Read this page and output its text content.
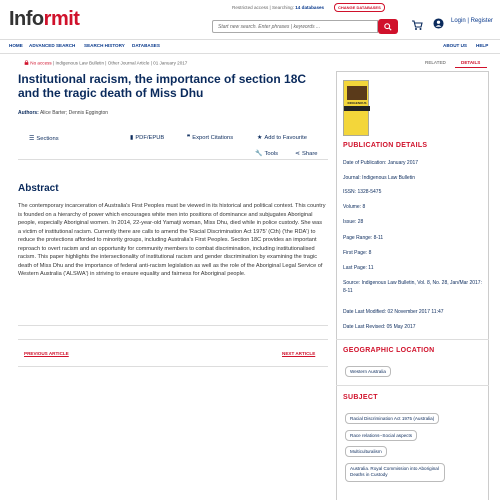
Informit
Restricted access | Searching: 14 databases	CHANGE DATABASES
Start new search. Enter phrases | keywords ...
Login | Register
HOME ADVANCED SEARCH SEARCH HISTORY DATABASES	ABOUT US HELP
No access | Indigenous Law Bulletin | Other Journal Article | 01 January 2017	RELATED	DETAILS
Institutional racism, the importance of section 18C and the tragic death of Miss Dhu
Authors: Alice Barter; Dennis Eggington
☰ Sections	▮ PDF/EPUB	❞ Export Citations	★ Add to Favourite
🔧 Tools	⋖ Share
Abstract
The contemporary incarceration of Australia's First Peoples must be viewed in its historical and political context. This country is founded on a hierarchy of power which encourages white men into positions of dominance and subjugates Aboriginal people, especially Aboriginal women. In 2014, 22-year-old Yamatji woman, Miss Dhu, died while in police custody. She was a victim of institutional racism. Currently there are calls to amend the 'Racial Discrimination Act 1975' (Cth) ('the RDA') to reduce the protections afforded to minority groups, including Australia's First Peoples. Section 18C provides an important reproach to overt racism and an opportunity for community members to combat discrimination, including institutionalised racism. This paper highlights the intersectionality of institutional racism and gender discrimination by examining the tragic death of Miss Dhu and the importance of federal anti-racism legislation as well as the role of the Aboriginal Legal Service of Western Australia ('ALSWA') in striving to ensure equality and fairness for Aboriginal people.
PREVIOUS ARTICLE	NEXT ARTICLE
INDIGENOUS
PUBLICATION DETAILS
Date of Publication: January 2017
Journal: Indigenous Law Bulletin
ISSN: 1328-5475
Volume: 8
Issue: 28
Page Range: 8-11
First Page: 8
Last Page: 11
Source: Indigenous Law Bulletin, Vol. 8, No. 28, Jan/Mar 2017: 8-11
Date Last Modified: 02 November 2017 11:47
Date Last Revised: 05 May 2017
GEOGRAPHIC LOCATION
Western Australia
SUBJECT
Racial Discrimination Act 1975 (Australia)
Race relations--Social aspects
Multiculturalism
Australia. Royal Commission into Aboriginal Deaths in Custody
